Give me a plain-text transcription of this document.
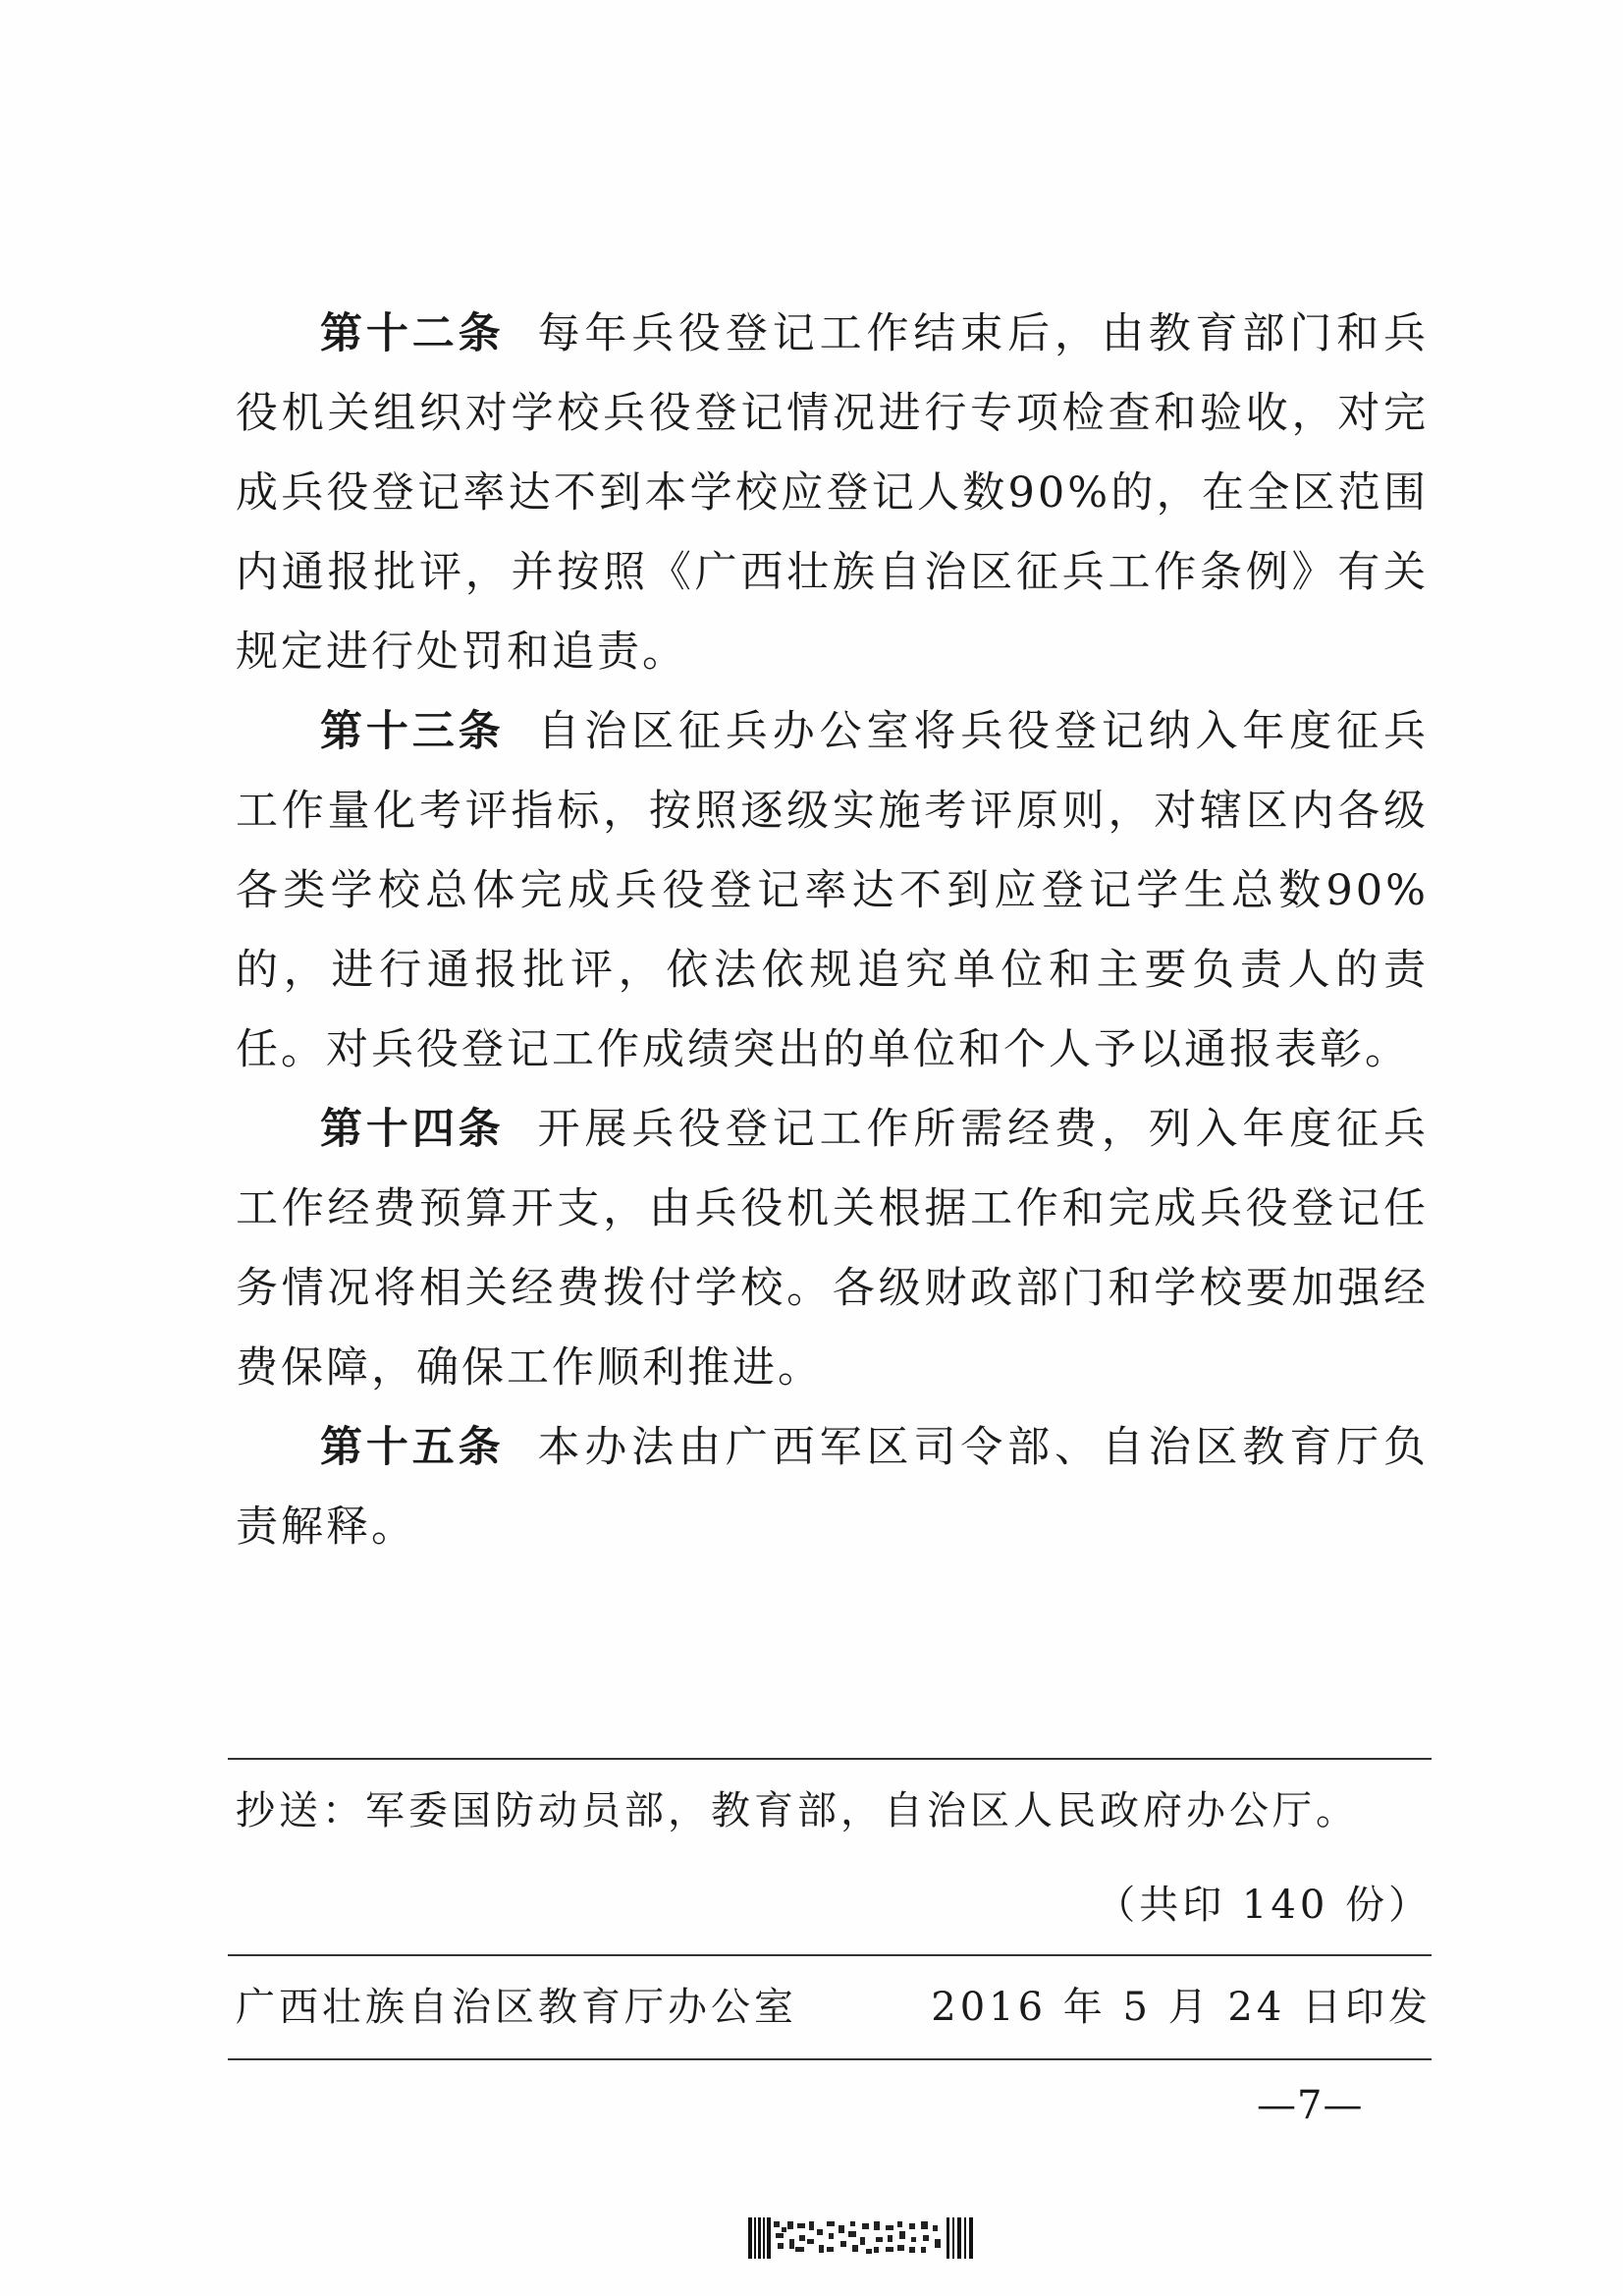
第十二条 每年兵役登记工作结束后，由教育部门和兵役机关组织对学校兵役登记情况进行专项检查和验收，对完成兵役登记率达不到本学校应登记人数90%的，在全区范围内通报批评，并按照《广西壮族自治区征兵工作条例》有关规定进行处罚和追责。

第十三条 自治区征兵办公室将兵役登记纳入年度征兵工作量化考评指标，按照逐级实施考评原则，对辖区内各级各类学校总体完成兵役登记率达不到应登记学生总数90%的，进行通报批评，依法依规追究单位和主要负责人的责任。对兵役登记工作成绩突出的单位和个人予以通报表彰。

第十四条 开展兵役登记工作所需经费，列入年度征兵工作经费预算开支，由兵役机关根据工作和完成兵役登记任务情况将相关经费拨付学校。各级财政部门和学校要加强经费保障，确保工作顺利推进。

第十五条 本办法由广西军区司令部、自治区教育厅负责解释。

抄送：军委国防动员部，教育部，自治区人民政府办公厅。
（共印 140 份）
广西壮族自治区教育厅办公室	2016 年 5 月 24 日印发
—7—
